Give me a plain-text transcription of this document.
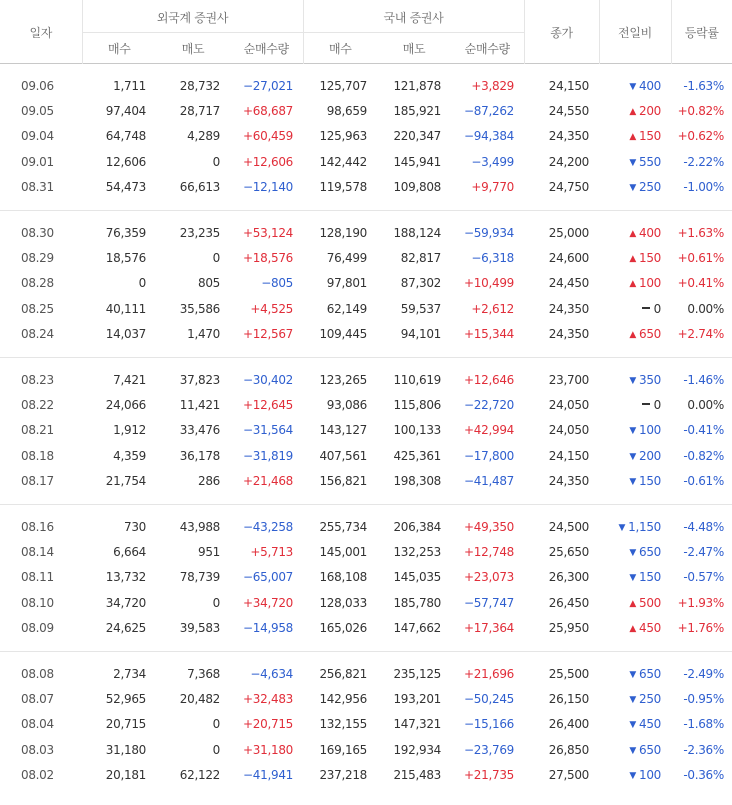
일자	외국계 증권사			국내 증권사			종가	전일비	등락률
	매수	매도	순매수량	매수	매도	순매수량			

09.06	1,711	28,732	−27,021	125,707	121,878	+3,829	24,150	▼ 400	-1.63%
09.05	97,404	28,717	+68,687	98,659	185,921	−87,262	24,550	▲ 200	+0.82%
09.04	64,748	4,289	+60,459	125,963	220,347	−94,384	24,350	▲ 150	+0.62%
09.01	12,606	0	+12,606	142,442	145,941	−3,499	24,200	▼ 550	-2.22%
08.31	54,473	66,613	−12,140	119,578	109,808	+9,770	24,750	▼ 250	-1.00%

08.30	76,359	23,235	+53,124	128,190	188,124	−59,934	25,000	▲ 400	+1.63%
08.29	18,576	0	+18,576	76,499	82,817	−6,318	24,600	▲ 150	+0.61%
08.28	0	805	−805	97,801	87,302	+10,499	24,450	▲ 100	+0.41%
08.25	40,111	35,586	+4,525	62,149	59,537	+2,612	24,350	0	0.00%
08.24	14,037	1,470	+12,567	109,445	94,101	+15,344	24,350	▲ 650	+2.74%

08.23	7,421	37,823	−30,402	123,265	110,619	+12,646	23,700	▼ 350	-1.46%
08.22	24,066	11,421	+12,645	93,086	115,806	−22,720	24,050	0	0.00%
08.21	1,912	33,476	−31,564	143,127	100,133	+42,994	24,050	▼ 100	-0.41%
08.18	4,359	36,178	−31,819	407,561	425,361	−17,800	24,150	▼ 200	-0.82%
08.17	21,754	286	+21,468	156,821	198,308	−41,487	24,350	▼ 150	-0.61%

08.16	730	43,988	−43,258	255,734	206,384	+49,350	24,500	▼ 1,150	-4.48%
08.14	6,664	951	+5,713	145,001	132,253	+12,748	25,650	▼ 650	-2.47%
08.11	13,732	78,739	−65,007	168,108	145,035	+23,073	26,300	▼ 150	-0.57%
08.10	34,720	0	+34,720	128,033	185,780	−57,747	26,450	▲ 500	+1.93%
08.09	24,625	39,583	−14,958	165,026	147,662	+17,364	25,950	▲ 450	+1.76%

08.08	2,734	7,368	−4,634	256,821	235,125	+21,696	25,500	▼ 650	-2.49%
08.07	52,965	20,482	+32,483	142,956	193,201	−50,245	26,150	▼ 250	-0.95%
08.04	20,715	0	+20,715	132,155	147,321	−15,166	26,400	▼ 450	-1.68%
08.03	31,180	0	+31,180	169,165	192,934	−23,769	26,850	▼ 650	-2.36%
08.02	20,181	62,122	−41,941	237,218	215,483	+21,735	27,500	▼ 100	-0.36%
